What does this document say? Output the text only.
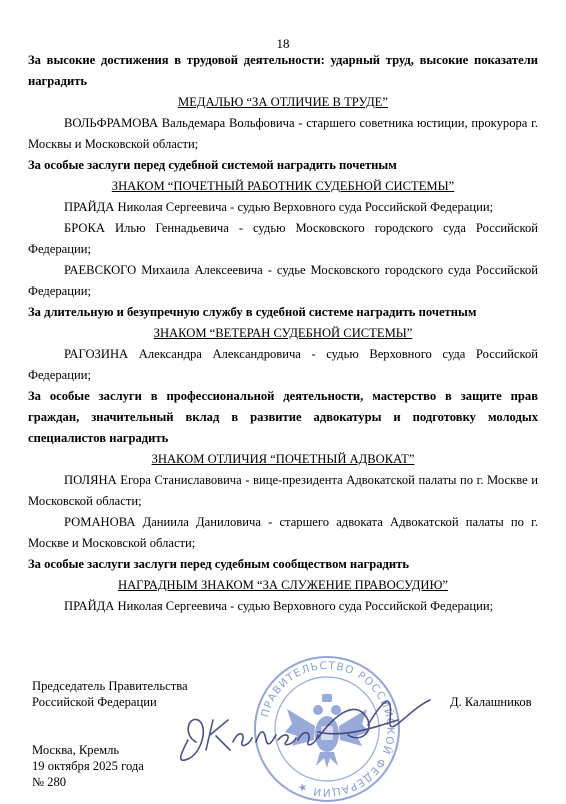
18

За высокие достижения в трудовой деятельности: ударный труд, высокие показатели наградить

МЕДАЛЬЮ “ЗА ОТЛИЧИЕ В ТРУДЕ”

ВОЛЬФРАМОВА Вальдемара Вольфовича - старшего советника юстиции, прокурора г. Москвы и Московской области;

За особые заслуги перед судебной системой наградить почетным

ЗНАКОМ “ПОЧЕТНЫЙ РАБОТНИК СУДЕБНОЙ СИСТЕМЫ”

ПРАЙДА Николая Сергеевича - судью Верховного суда Российской Федерации;

БРОКА Илью Геннадьевича - судью Московского городского суда Российской Федерации;

РАЕВСКОГО Михаила Алексеевича - судье Московского городского суда Российской Федерации;

За длительную и безупречную службу в судебной системе наградить почетным

ЗНАКОМ “ВЕТЕРАН СУДЕБНОЙ СИСТЕМЫ”

РАГОЗИНА Александра Александровича - судью Верховного суда Российской Федерации;

За особые заслуги в профессиональной деятельности, мастерство в защите прав граждан, значительный вклад в развитие адвокатуры и подготовку молодых специалистов наградить

ЗНАКОМ ОТЛИЧИЯ “ПОЧЕТНЫЙ АДВОКАТ”

ПОЛЯНА Егора Станиславовича - вице-президента Адвокатской палаты по г. Москве и Московской области;

РОМАНОВА Даниила Даниловича - старшего адвоката Адвокатской палаты по г. Москве и Московской области;

За особые заслуги заслуги перед судебным сообществом наградить

НАГРАДНЫМ ЗНАКОМ “ЗА СЛУЖЕНИЕ ПРАВОСУДИЮ”

ПРАЙДА Николая Сергеевича - судью Верховного суда Российской Федерации;

ПРАВИТЕЛЬСТВО РОССИЙСКОЙ ФЕДЕРАЦИИ ★
Председатель Правительства
Российской Федерации	Д. Калашников
Москва, Кремль
19 октября 2025 года
№ 280
